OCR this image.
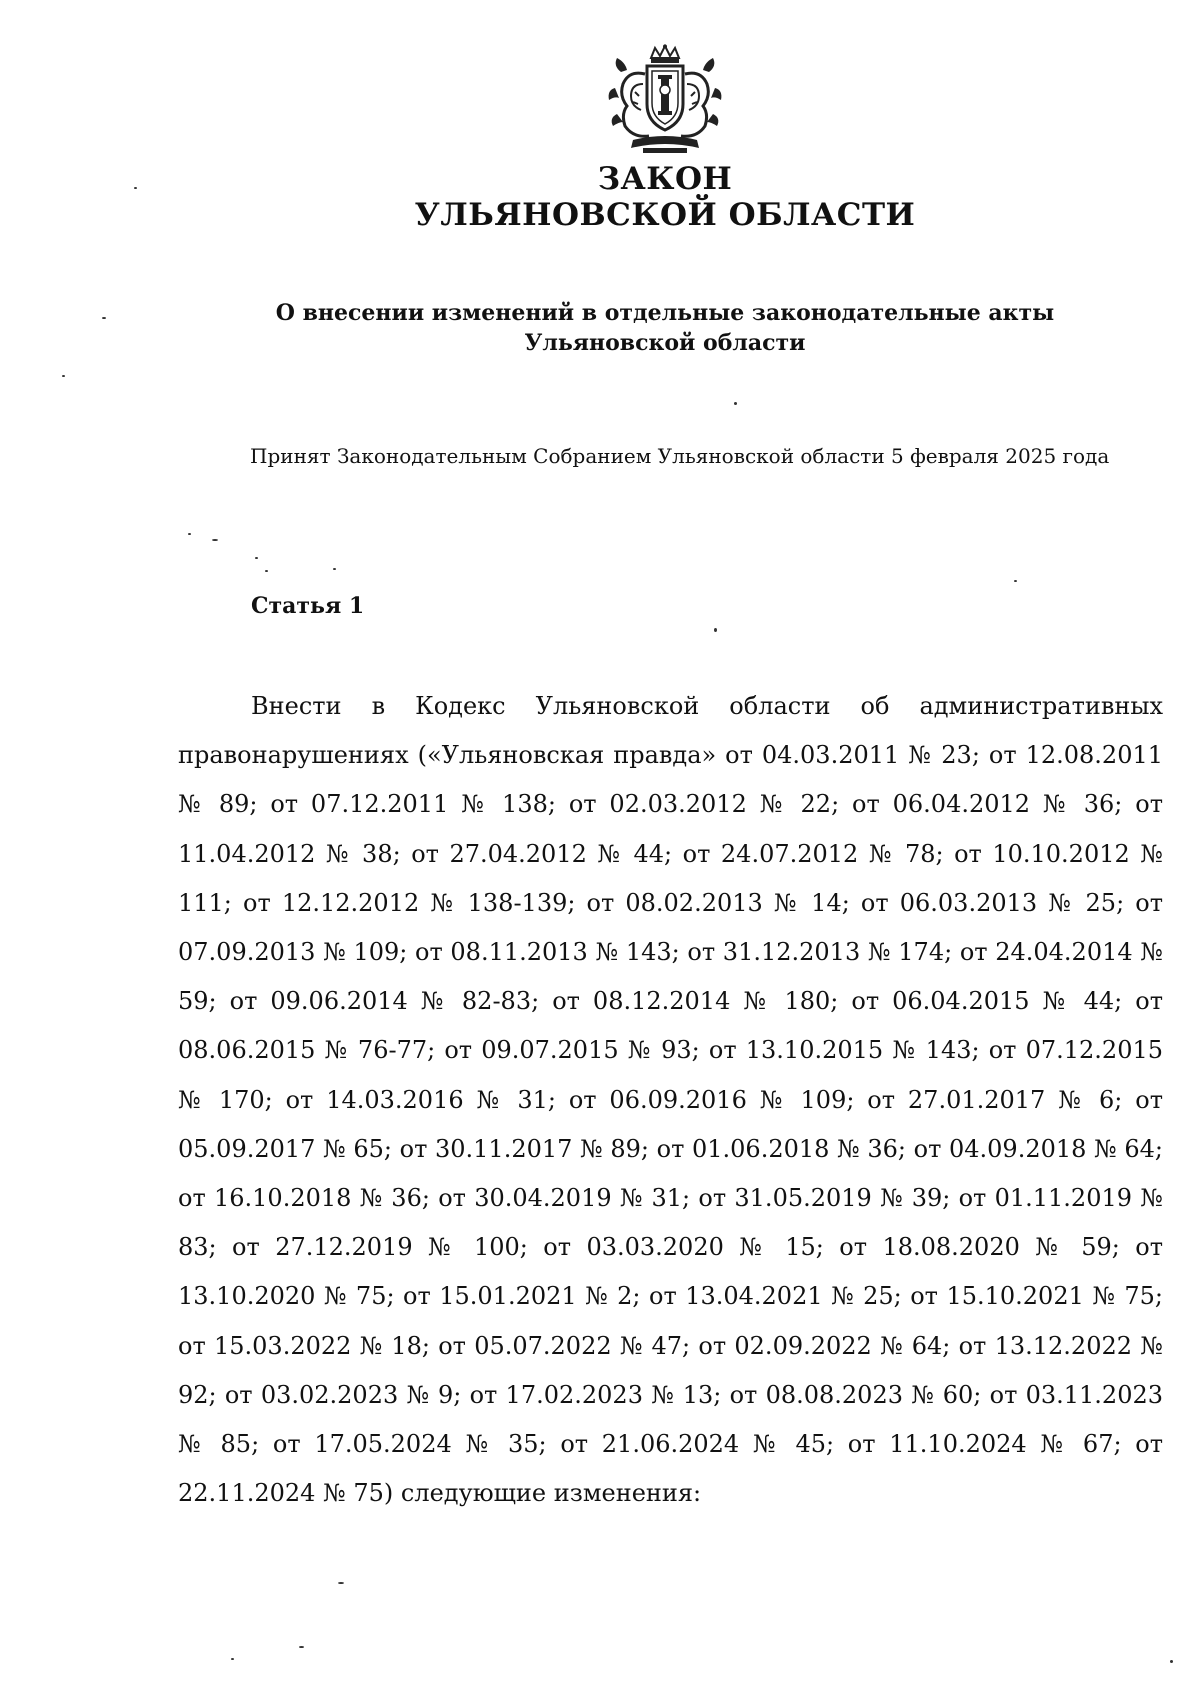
ЗАКОН
УЛЬЯНОВСКОЙ ОБЛАСТИ
О внесении изменений в отдельные законодательные акты
Ульяновской области
Принят Законодательным Собранием Ульяновской области 5 февраля 2025 года
Статья 1
Внести в Кодекс Ульяновской области об административных правонарушениях («Ульяновская правда» от 04.03.2011 № 23; от 12.08.2011 № 89; от 07.12.2011 № 138; от 02.03.2012 № 22; от 06.04.2012 № 36; от 11.04.2012 № 38; от 27.04.2012 № 44; от 24.07.2012 № 78; от 10.10.2012 № 111; от 12.12.2012 № 138-139; от 08.02.2013 № 14; от 06.03.2013 № 25; от 07.09.2013 № 109; от 08.11.2013 № 143; от 31.12.2013 № 174; от 24.04.2014 № 59; от 09.06.2014 № 82-83; от 08.12.2014 № 180; от 06.04.2015 № 44; от 08.06.2015 № 76-77; от 09.07.2015 № 93; от 13.10.2015 № 143; от 07.12.2015 № 170; от 14.03.2016 № 31; от 06.09.2016 № 109; от 27.01.2017 № 6; от 05.09.2017 № 65; от 30.11.2017 № 89; от 01.06.2018 № 36; от 04.09.2018 № 64; от 16.10.2018 № 36; от 30.04.2019 № 31; от 31.05.2019 № 39; от 01.11.2019 № 83; от 27.12.2019 № 100; от 03.03.2020 № 15; от 18.08.2020 № 59; от 13.10.2020 № 75; от 15.01.2021 № 2; от 13.04.2021 № 25; от 15.10.2021 № 75; от 15.03.2022 № 18; от 05.07.2022 № 47; от 02.09.2022 № 64; от 13.12.2022 № 92; от 03.02.2023 № 9; от 17.02.2023 № 13; от 08.08.2023 № 60; от 03.11.2023 № 85; от 17.05.2024 № 35; от 21.06.2024 № 45; от 11.10.2024 № 67; от 22.11.2024 № 75) следующие изменения:
